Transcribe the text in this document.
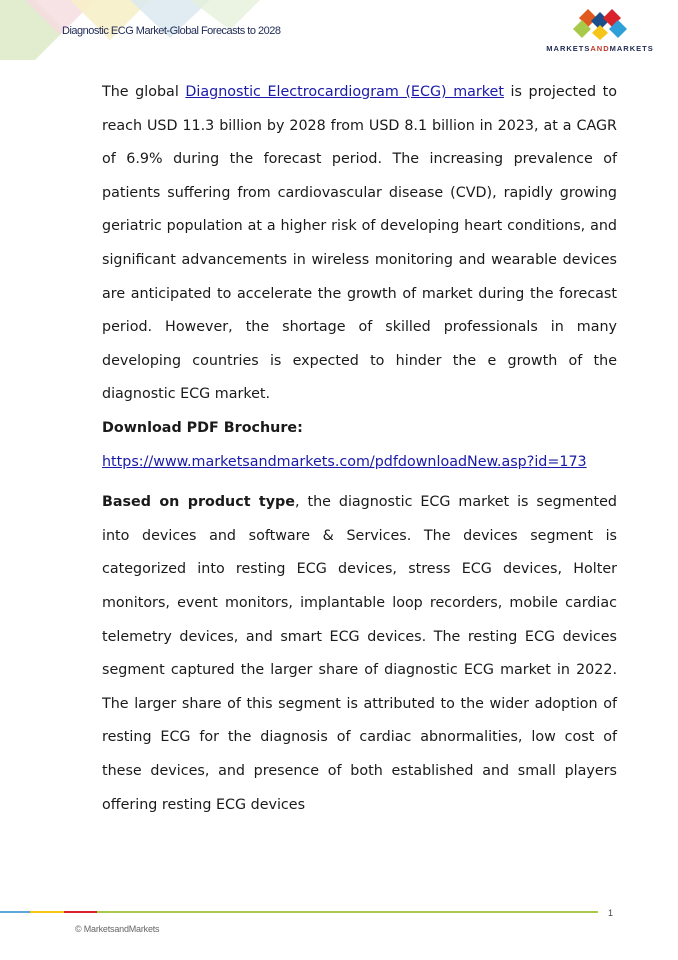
Diagnostic ECG Market-Global Forecasts to 2028
MARKETSANDMARKETS

The global Diagnostic Electrocardiogram (ECG) market is projected to reach USD 11.3 billion by 2028 from USD 8.1 billion in 2023, at a CAGR of 6.9% during the forecast period. The increasing prevalence of patients suffering from cardiovascular disease (CVD), rapidly growing geriatric population at a higher risk of developing heart conditions, and significant advancements in wireless monitoring and wearable devices are anticipated to accelerate the growth of market during the forecast period. However, the shortage of skilled professionals in many developing countries is expected to hinder the e growth of the diagnostic ECG market.

Download PDF Brochure:
https://www.marketsandmarkets.com/pdfdownloadNew.asp?id=173

Based on product type, the diagnostic ECG market is segmented into devices and software & Services. The devices segment is categorized into resting ECG devices, stress ECG devices, Holter monitors, event monitors, implantable loop recorders, mobile cardiac telemetry devices, and smart ECG devices. The resting ECG devices segment captured the larger share of diagnostic ECG market in 2022. The larger share of this segment is attributed to the wider adoption of resting ECG for the diagnosis of cardiac abnormalities, low cost of these devices, and presence of both established and small players offering resting ECG devices

1
© MarketsandMarkets
